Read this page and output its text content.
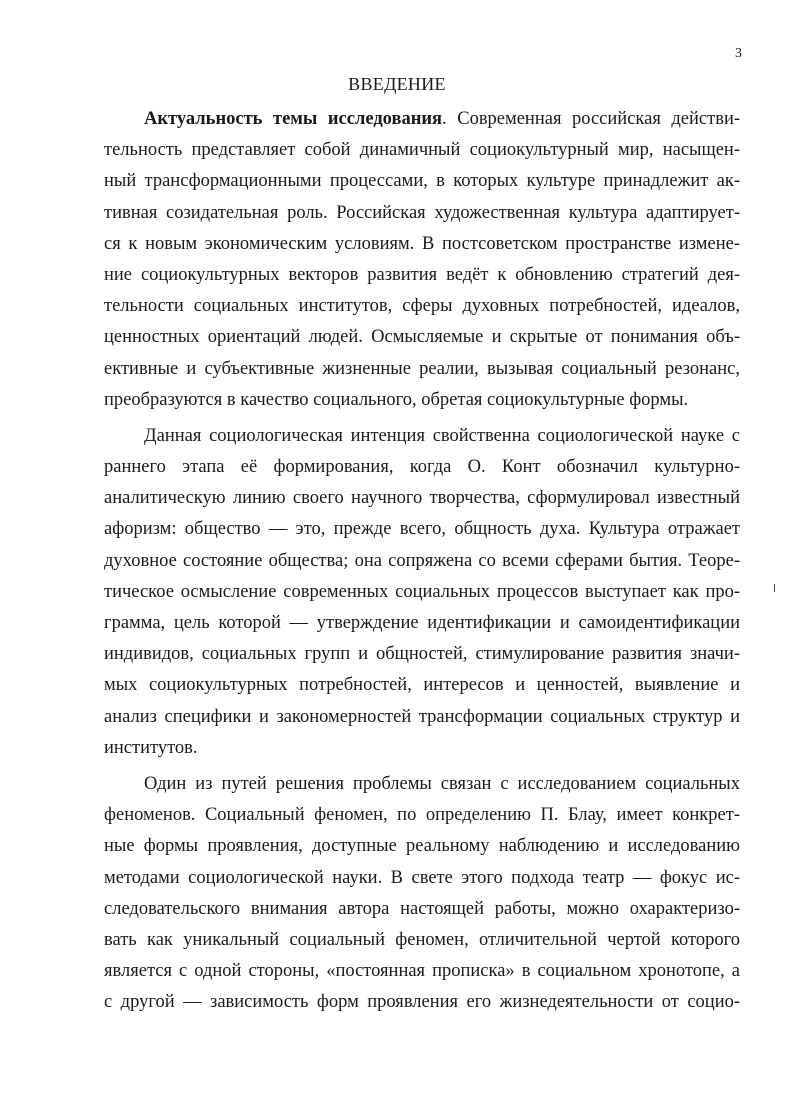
3
ВВЕДЕНИЕ
Актуальность темы исследования. Современная российская действи-
тельность представляет собой динамичный социокультурный мир, насыщен-
ный трансформационными процессами, в которых культуре принадлежит ак-
тивная созидательная роль. Российская художественная культура адаптирует-
ся к новым экономическим условиям. В постсоветском пространстве измене-
ние социокультурных векторов развития ведёт к обновлению стратегий дея-
тельности социальных институтов, сферы духовных потребностей, идеалов,
ценностных ориентаций людей. Осмысляемые и скрытые от понимания объ-
ективные и субъективные жизненные реалии, вызывая социальный резонанс,
преобразуются в качество социального, обретая социокультурные формы.
Данная социологическая интенция свойственна социологической науке с
раннего этапа её формирования, когда О. Конт обозначил культурно-
аналитическую линию своего научного творчества, сформулировал известный
афоризм: общество — это, прежде всего, общность духа. Культура отражает
духовное состояние общества; она сопряжена со всеми сферами бытия. Теоре-
тическое осмысление современных социальных процессов выступает как про-
грамма, цель которой — утверждение идентификации и самоидентификации
индивидов, социальных групп и общностей, стимулирование развития значи-
мых социокультурных потребностей, интересов и ценностей, выявление и
анализ специфики и закономерностей трансформации социальных структур и
институтов.
Один из путей решения проблемы связан с исследованием социальных
феноменов. Социальный феномен, по определению П. Блау, имеет конкрет-
ные формы проявления, доступные реальному наблюдению и исследованию
методами социологической науки. В свете этого подхода театр — фокус ис-
следовательского внимания автора настоящей работы, можно охарактеризо-
вать как уникальный социальный феномен, отличительной чертой которого
является с одной стороны, «постоянная прописка» в социальном хронотопе, а
с другой — зависимость форм проявления его жизнедеятельности от социо-
